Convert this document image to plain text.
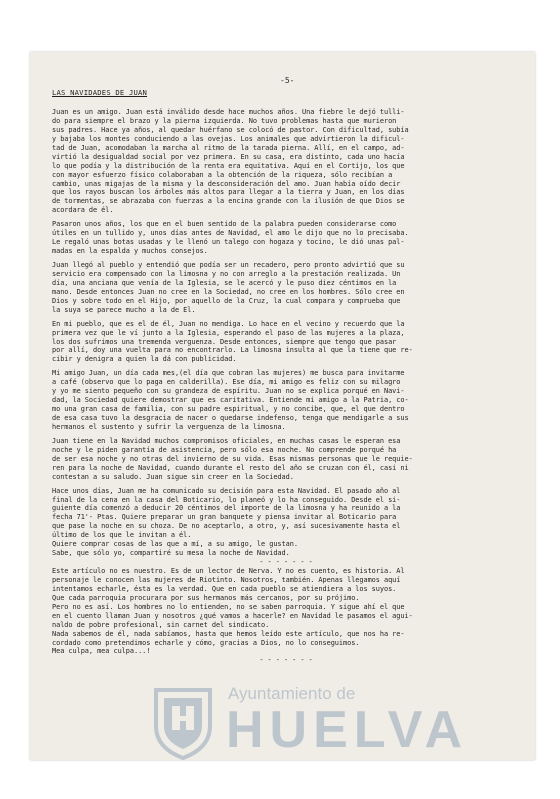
-5-
LAS NAVIDADES DE JUAN
Juan es un amigo. Juan está inválido desde hace muchos años. Una fiebre le dejó tulli-
do para siempre el brazo y la pierna izquierda. No tuvo problemas hasta que murieron
sus padres. Hace ya años, al quedar huérfano se colocó de pastor. Con dificultad, subía
y bajaba los montes conduciendo a las ovejas. Los animales que advirtieron la dificul-
tad de Juan, acomodaban la marcha al ritmo de la tarada pierna. Allí, en el campo, ad-
virtió la desigualdad social por vez primera. En su casa, era distinto, cada uno hacía
lo que podía y la distribución de la renta era equitativa. Aquí en el Cortijo, los que
con mayor esfuerzo físico colaboraban a la obtención de la riqueza, sólo recibían a
cambio, unas migajas de la misma y la desconsideración del amo. Juan había oído decir
que los rayos buscan los árboles más altos para llegar a la tierra y Juan, en los días
de tormentas, se abrazaba con fuerzas a la encina grande con la ilusión de que Dios se
acordara de él.
Pasaron unos años, los que en el buen sentido de la palabra pueden considerarse como
útiles en un tullido y, unos días antes de Navidad, el amo le dijo que no lo precisaba.
Le regaló unas botas usadas y le llenó un talego con hogaza y tocino, le dió unas pal-
madas en la espalda y muchos consejos.
Juan llegó al pueblo y entendió que podía ser un recadero, pero pronto advirtió que su
servicio era compensado con la limosna y no con arreglo a la prestación realizada. Un
día, una anciana que venía de la Iglesia, se le acercó y le puso diez céntimos en la
mano. Desde entonces Juan no cree en la Sociedad, no cree en los hombres. Sólo cree en
Dios y sobre todo en el Hijo, por aquello de la Cruz, la cual compara y comprueba que
la suya se parece mucho a la de Él.
En mi pueblo, que es el de él, Juan no mendiga. Lo hace en el vecino y recuerdo que la
primera vez que le ví junto a la Iglesia, esperando el paso de las mujeres a la plaza,
los dos sufrimos una tremenda verguenza. Desde entonces, siempre que tengo que pasar
por allí, doy una vuelta para no encontrarlo. La limosna insulta al que la tiene que re-
cibir y denigra a quien la dá con publicidad.
Mi amigo Juan, un día cada mes,(el día que cobran las mujeres) me busca para invitarme
a café (observo que lo paga en calderilla). Ese día, mi amigo es feliz con su milagro
y yo me siento pequeño con su grandeza de espíritu. Juan no se explica porqué en Navi-
dad, la Sociedad quiere demostrar que es caritativa. Entiende mi amigo a la Patria, co-
mo una gran casa de familia, con su padre espiritual, y no concibe, que, el que dentro
de esa casa tuvo la desgracia de nacer o quedarse indefenso, tenga que mendigarle a sus
hermanos el sustento y sufrir la verguenza de la limosna.
Juan tiene en la Navidad muchos compromisos oficiales, en muchas casas le esperan esa
noche y le piden garantía de asistencia, pero sólo esa noche. No comprende porqué ha
de ser esa noche y no otras del invierno de su vida. Esas mismas personas que le requie-
ren para la noche de Navidad, cuando durante el resto del año se cruzan con él, casi ni
contestan a su saludo. Juan sigue sin creer en la Sociedad.
Hace unos días, Juan me ha comunicado su decisión para esta Navidad. El pasado año al
final de la cena en la casa del Boticario, lo planeó y lo ha conseguido. Desde el si-
guiente día comenzó a deducir 20 céntimos del importe de la limosna y ha reunido a la
fecha 71'- Ptas. Quiere preparar un gran banquete y piensa invitar al Boticario para
que pase la noche en su choza. De no aceptarlo, a otro, y, así sucesivamente hasta el
último de los que le invitan a él.
Quiere comprar cosas de las que a mí, a su amigo, le gustan.
Sabe, que sólo yo, compartiré su mesa la noche de Navidad.
- - - - - - -
Este artículo no es nuestro. Es de un lector de Nerva. Y no es cuento, es historia. Al
personaje le conocen las mujeres de Riotinto. Nosotros, también. Apenas llegamos aquí
intentamos echarle, ésta es la verdad. Que en cada pueblo se atiendiera a los suyos.
Que cada parroquia procurara por sus hermanos más cercanos, por su prójimo.
Pero no es así. Los hombres no lo entienden, no se saben parroquia. Y sigue ahí el que
en el cuento llaman Juan y nosotros ¿qué vamos a hacerle? en Navidad le pasamos el agui-
naldo de pobre profesional, sin carnet del sindicato.
Nada sabemos de él, nada sabíamos, hasta que hemos leído este artículo, que nos ha re-
cordado como pretendimos echarle y cómo, gracias a Dios, no lo conseguimos.
Mea culpa, mea culpa...!
- - - - - - -
Ayuntamiento de
HUELVA
